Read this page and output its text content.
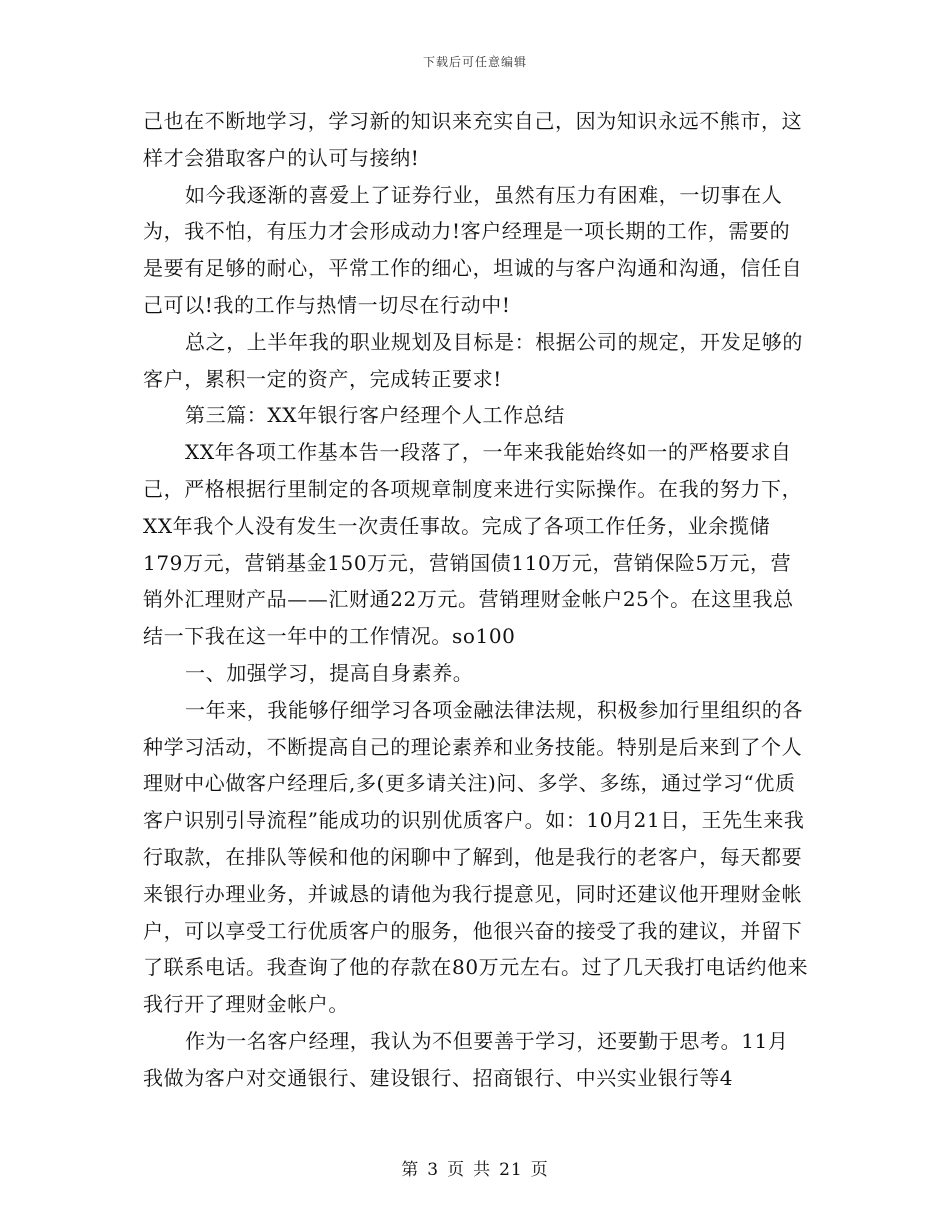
下载后可任意编辑

己也在不断地学习，学习新的知识来充实自己，因为知识永远不熊市，这样才会猎取客户的认可与接纳!

如今我逐渐的喜爱上了证券行业，虽然有压力有困难，一切事在人为，我不怕，有压力才会形成动力!客户经理是一项长期的工作，需要的是要有足够的耐心，平常工作的细心，坦诚的与客户沟通和沟通，信任自己可以!我的工作与热情一切尽在行动中!

总之，上半年我的职业规划及目标是：根据公司的规定，开发足够的客户，累积一定的资产，完成转正要求!

第三篇：XX年银行客户经理个人工作总结

XX年各项工作基本告一段落了，一年来我能始终如一的严格要求自己，严格根据行里制定的各项规章制度来进行实际操作。在我的努力下，XX年我个人没有发生一次责任事故。完成了各项工作任务，业余揽储179万元，营销基金150万元，营销国债110万元，营销保险5万元，营销外汇理财产品——汇财通22万元。营销理财金帐户25个。在这里我总结一下我在这一年中的工作情况。so100

一、加强学习，提高自身素养。

一年来，我能够仔细学习各项金融法律法规，积极参加行里组织的各种学习活动，不断提高自己的理论素养和业务技能。特别是后来到了个人理财中心做客户经理后,多(更多请关注)问、多学、多练，通过学习“优质客户识别引导流程”能成功的识别优质客户。如：10月21日，王先生来我行取款，在排队等候和他的闲聊中了解到，他是我行的老客户，每天都要来银行办理业务，并诚恳的请他为我行提意见，同时还建议他开理财金帐户，可以享受工行优质客户的服务，他很兴奋的接受了我的建议，并留下了联系电话。我查询了他的存款在80万元左右。过了几天我打电话约他来我行开了理财金帐户。

作为一名客户经理，我认为不但要善于学习，还要勤于思考。11月我做为客户对交通银行、建设银行、招商银行、中兴实业银行等4

第 3 页 共 21 页
